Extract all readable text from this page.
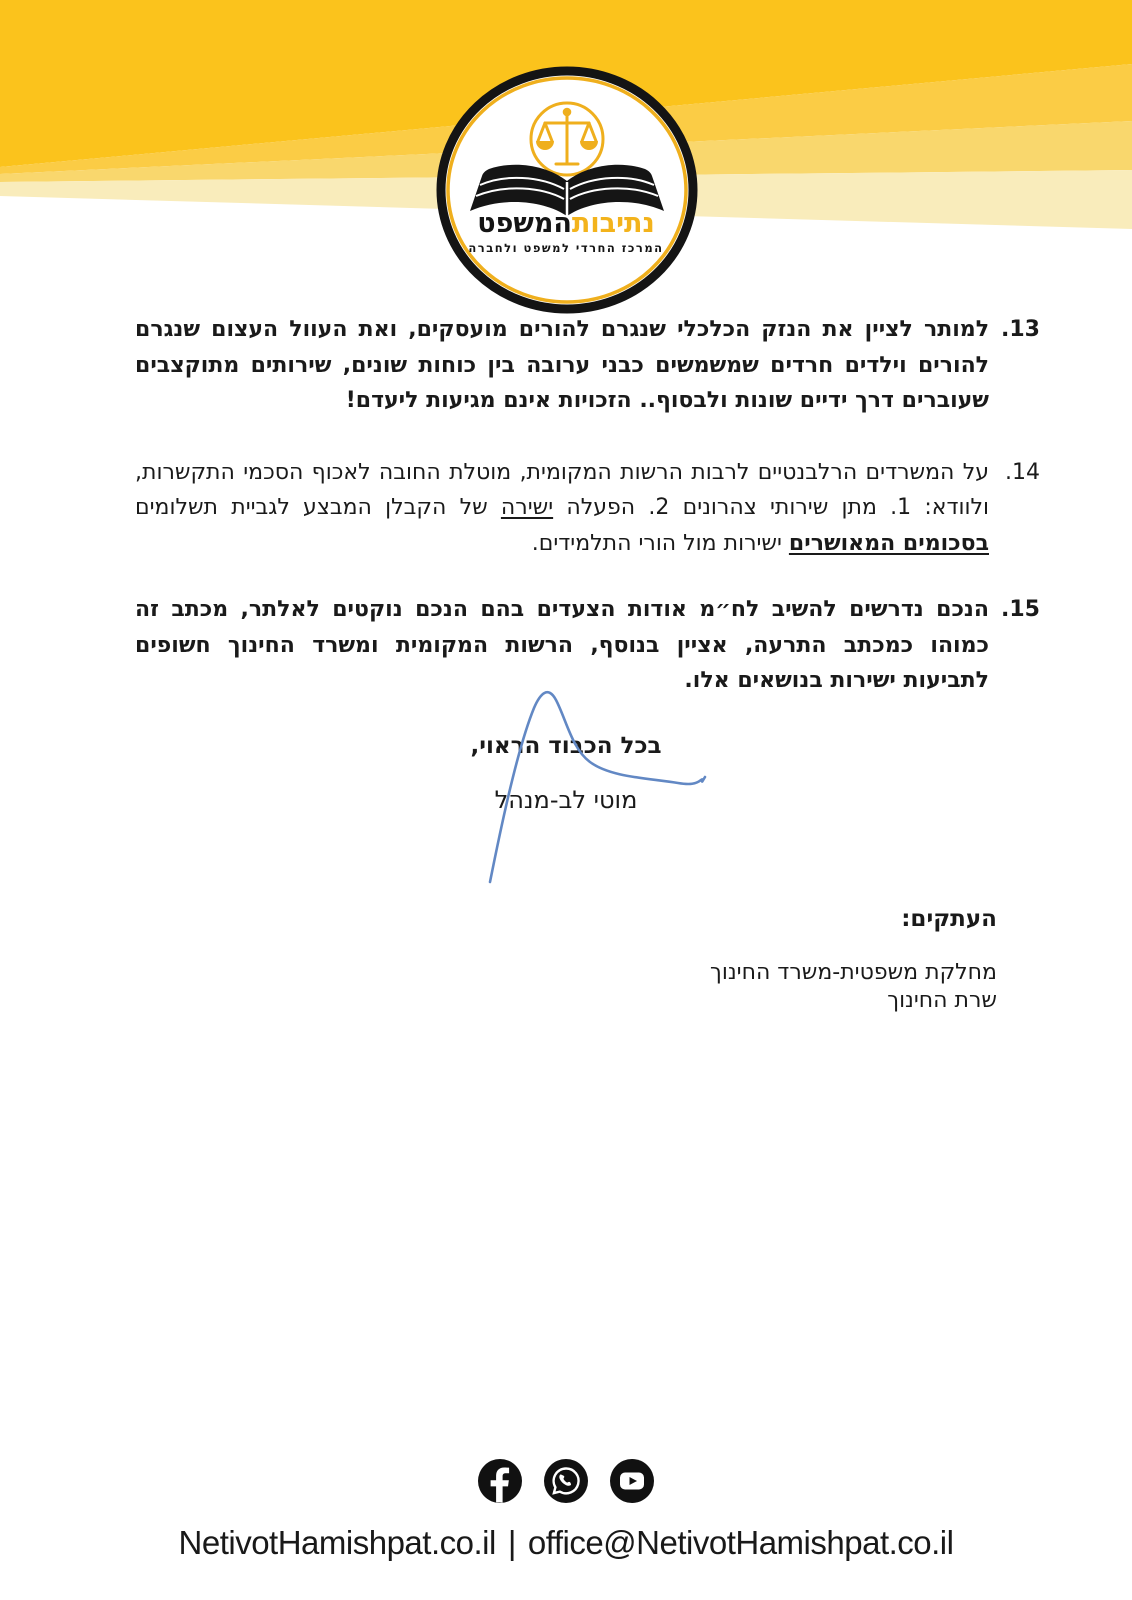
נתיבותהמשפט
המרכז החרדי למשפט ולחברה
13.
למותר לציין את הנזק הכלכלי שנגרם להורים מועסקים, ואת העוול העצום שנגרם להורים וילדים חרדים שמשמשים כבני ערובה בין כוחות שונים, שירותים מתוקצבים שעוברים דרך ידיים שונות ולבסוף.. הזכויות אינם מגיעות ליעדם!
14.
על המשרדים הרלבנטיים לרבות הרשות המקומית, מוטלת החובה לאכוף הסכמי התקשרות, ולוודא: 1. מתן שירותי צהרונים 2. הפעלה ישירה של הקבלן המבצע לגביית תשלומים בסכומים המאושרים ישירות מול הורי התלמידים.
15.
הנכם נדרשים להשיב לח״מ אודות הצעדים בהם הנכם נוקטים לאלתר, מכתב זה כמוהו כמכתב התרעה, אציין בנוסף, הרשות המקומית ומשרד החינוך חשופים לתביעות ישירות בנושאים אלו.
בכל הכבוד הראוי,
מוטי לב-מנהל
העתקים:
מחלקת משפטית-משרד החינוך
שרת החינוך
NetivotHamishpat.co.il | office@NetivotHamishpat.co.il
